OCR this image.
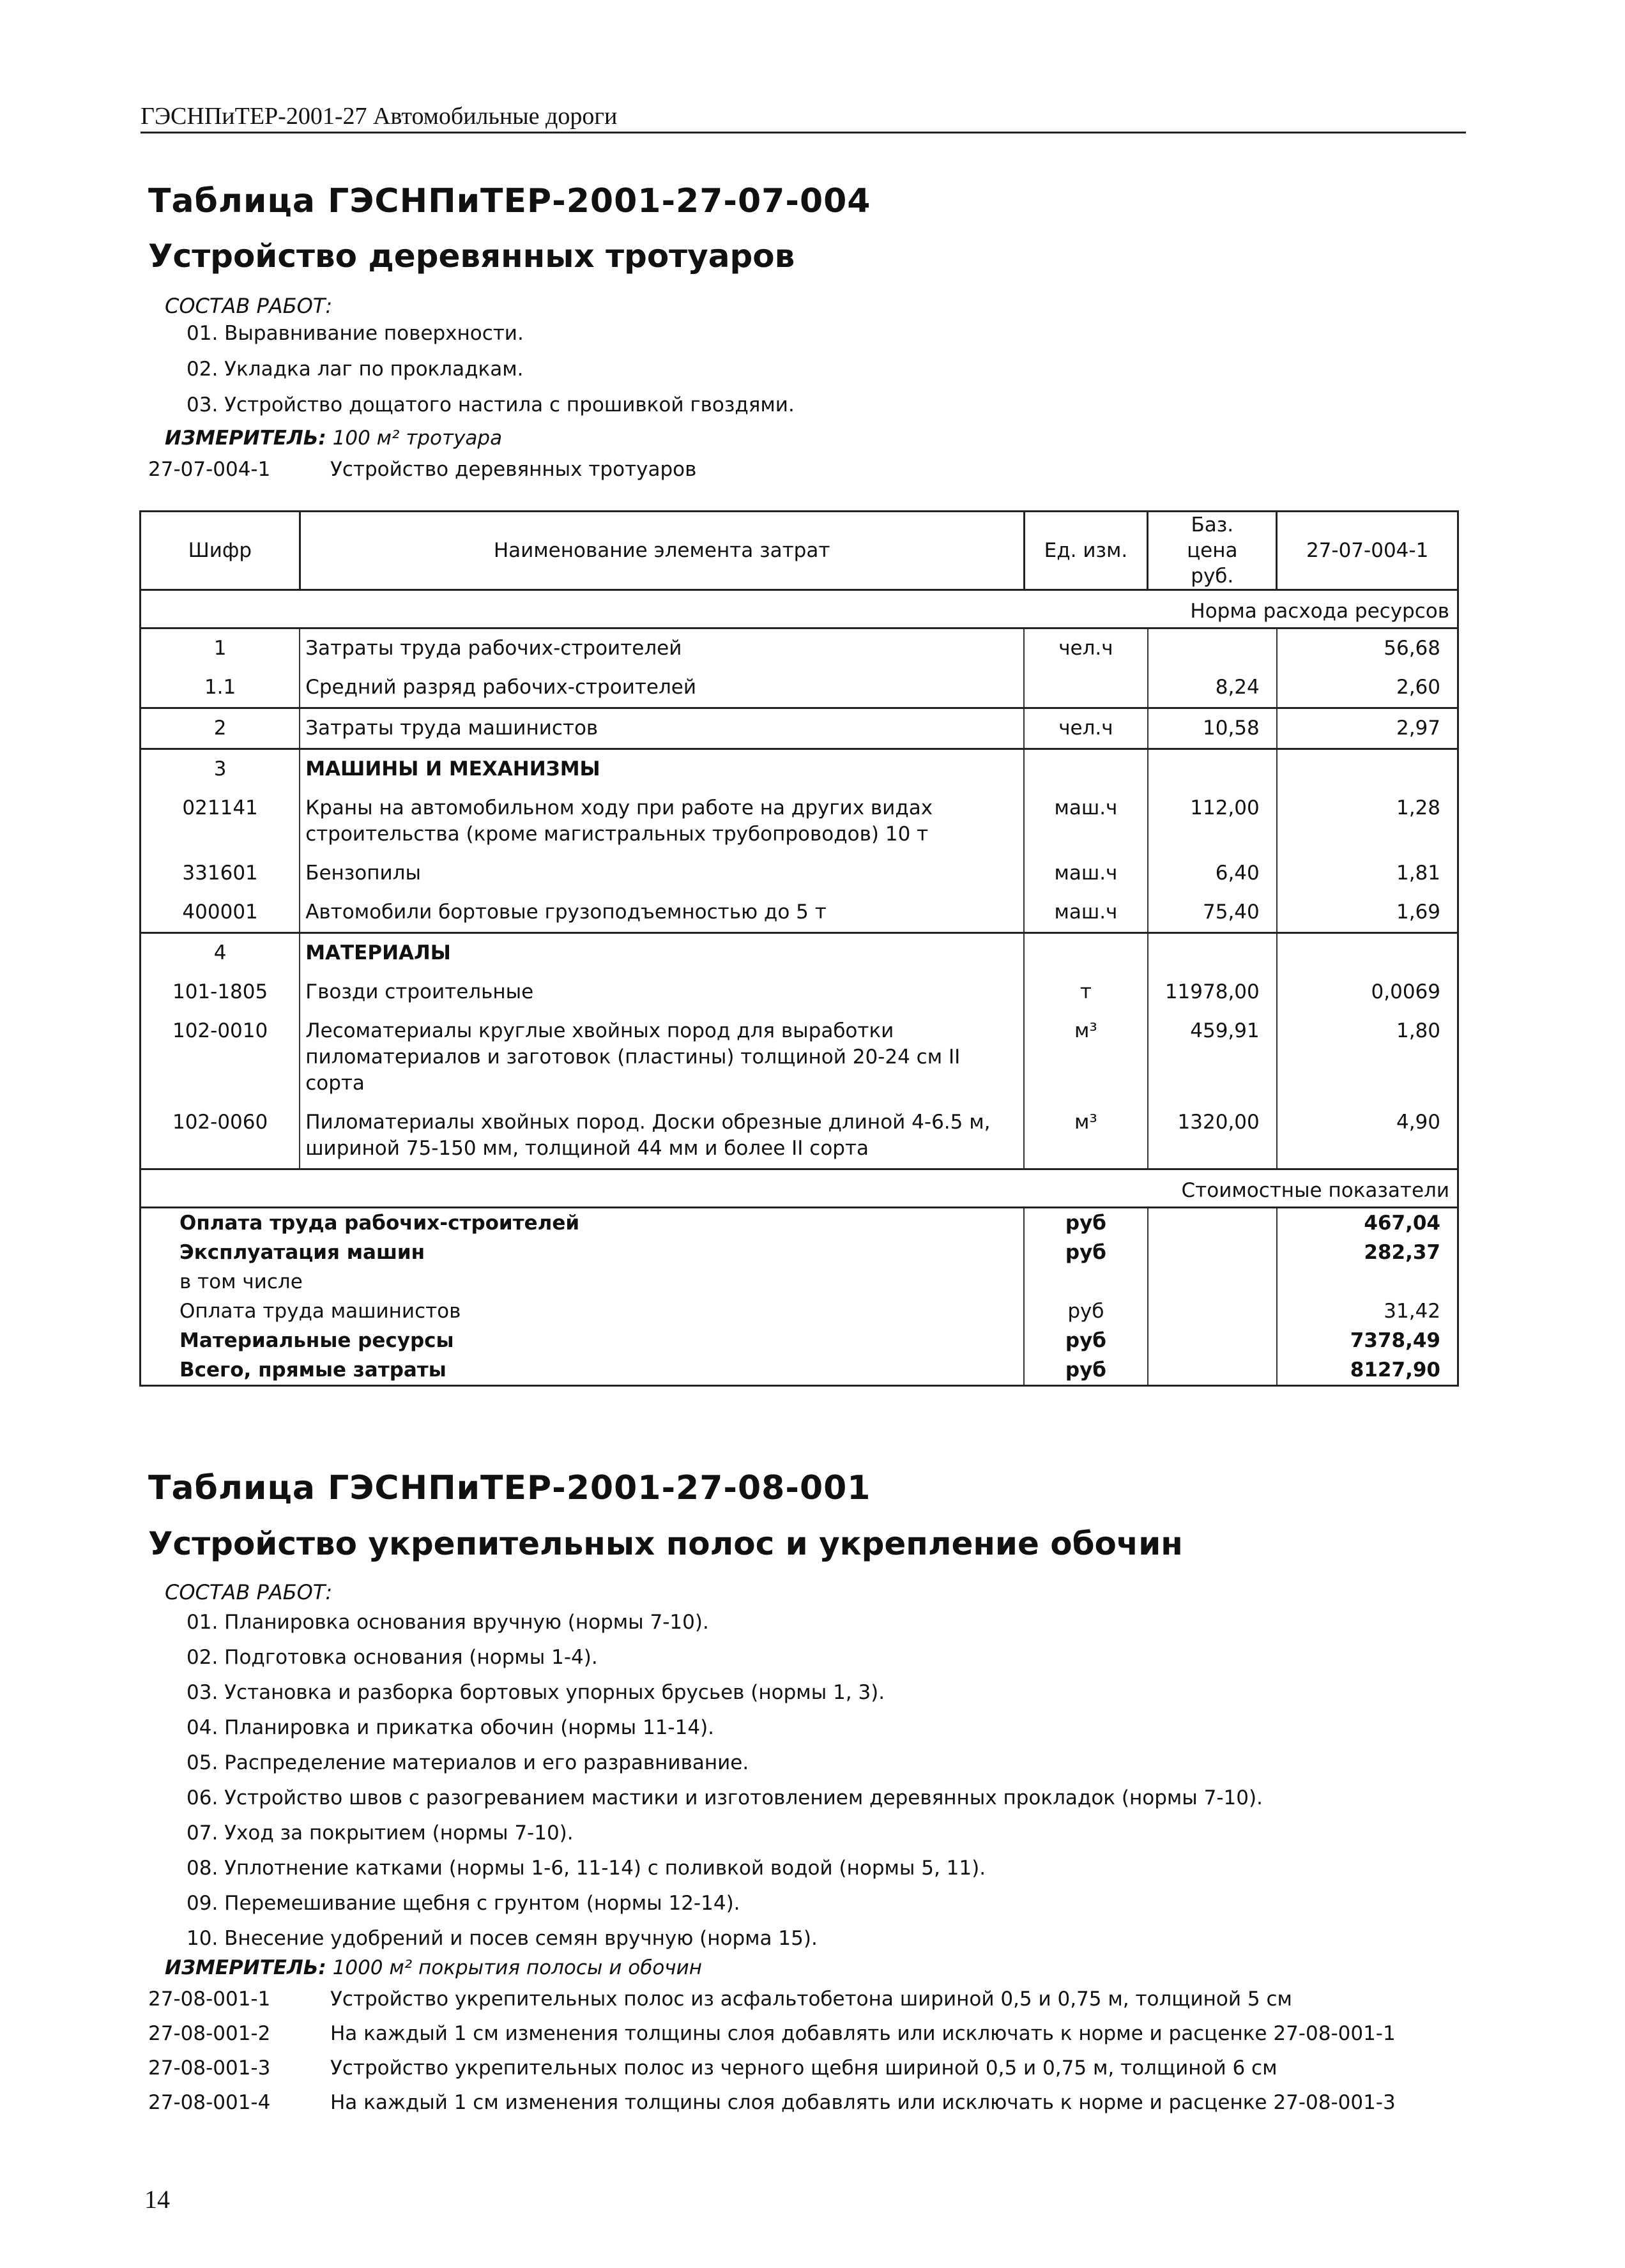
ГЭСНПиТЕР-2001-27 Автомобильные дороги
Таблица ГЭСНПиТЕР-2001-27-07-004
Устройство деревянных тротуаров
СОСТАВ РАБОТ:
01. Выравнивание поверхности.
02. Укладка лаг по прокладкам.
03. Устройство дощатого настила с прошивкой гвоздями.
ИЗМЕРИТЕЛЬ: 100 м² тротуара
27-07-004-1	Устройство деревянных тротуаров
Шифр	Наименование элемента затрат	Ед. изм.	Баз. цена руб.	27-07-004-1
Норма расхода ресурсов				
1	Затраты труда рабочих-строителей	чел.ч		56,68
1.1	Средний разряд рабочих-строителей		8,24	2,60
2	Затраты труда машинистов	чел.ч	10,58	2,97
3	МАШИНЫ И МЕХАНИЗМЫ			
021141	Краны на автомобильном ходу при работе на других видах строительства (кроме магистральных трубопроводов) 10 т	маш.ч	112,00	1,28
331601	Бензопилы	маш.ч	6,40	1,81
400001	Автомобили бортовые грузоподъемностью до 5 т	маш.ч	75,40	1,69
4	МАТЕРИАЛЫ			
101-1805	Гвозди строительные	т	11978,00	0,0069
102-0010	Лесоматериалы круглые хвойных пород для выработки пиломатериалов и заготовок (пластины) толщиной 20-24 см II сорта	м³	459,91	1,80
102-0060	Пиломатериалы хвойных пород. Доски обрезные длиной 4-6.5 м, шириной 75-150 мм, толщиной 44 мм и более II сорта	м³	1320,00	4,90
Стоимостные показатели				
Оплата труда рабочих-строителей		руб		467,04
Эксплуатация машин		руб		282,37
в том числе				
Оплата труда машинистов		руб		31,42
Материальные ресурсы		руб		7378,49
Всего, прямые затраты		руб		8127,90
Таблица ГЭСНПиТЕР-2001-27-08-001
Устройство укрепительных полос и укрепление обочин
СОСТАВ РАБОТ:
01. Планировка основания вручную (нормы 7-10).
02. Подготовка основания (нормы 1-4).
03. Установка и разборка бортовых упорных брусьев (нормы 1, 3).
04. Планировка и прикатка обочин (нормы 11-14).
05. Распределение материалов и его разравнивание.
06. Устройство швов с разогреванием мастики и изготовлением деревянных прокладок (нормы 7-10).
07. Уход за покрытием (нормы 7-10).
08. Уплотнение катками (нормы 1-6, 11-14) с поливкой водой (нормы 5, 11).
09. Перемешивание щебня с грунтом (нормы 12-14).
10. Внесение удобрений и посев семян вручную (норма 15).
ИЗМЕРИТЕЛЬ: 1000 м² покрытия полосы и обочин
27-08-001-1	Устройство укрепительных полос из асфальтобетона шириной 0,5 и 0,75 м, толщиной 5 см
27-08-001-2	На каждый 1 см изменения толщины слоя добавлять или исключать к норме и расценке 27-08-001-1
27-08-001-3	Устройство укрепительных полос из черного щебня шириной 0,5 и 0,75 м, толщиной 6 см
27-08-001-4	На каждый 1 см изменения толщины слоя добавлять или исключать к норме и расценке 27-08-001-3
14
